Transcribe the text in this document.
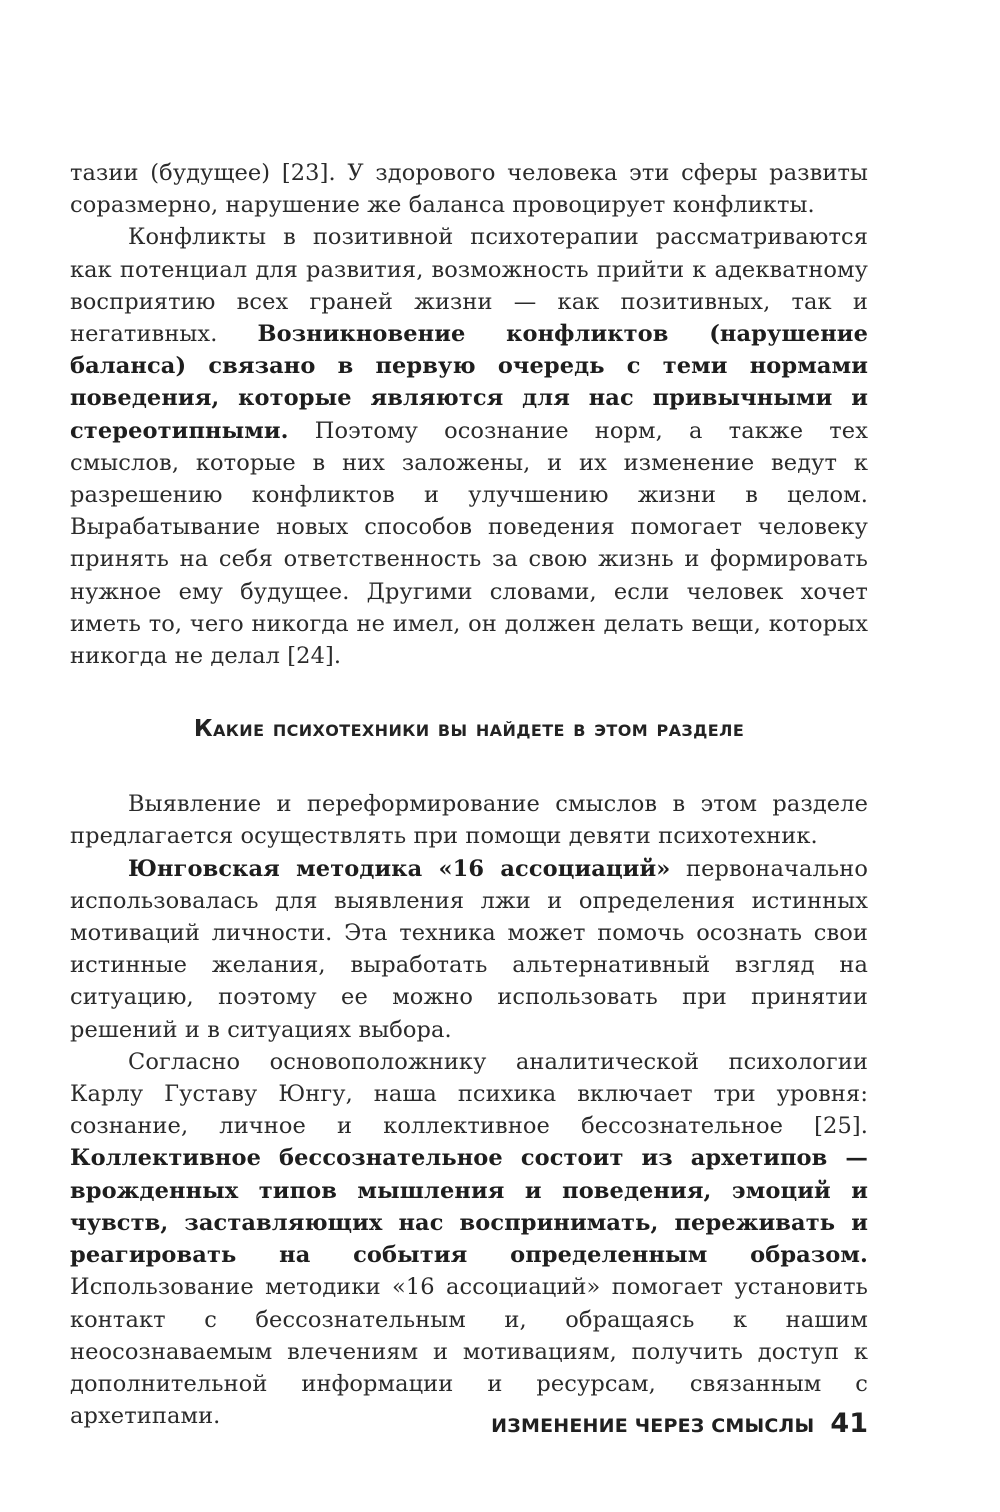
тазии (будущее) [23]. У здорового человека эти сферы развиты соразмерно, нарушение же баланса провоцирует конфликты.

Конфликты в позитивной психотерапии рассматриваются как потенциал для развития, возможность прийти к адекватному восприятию всех граней жизни — как позитивных, так и негативных. Возникновение конфликтов (нарушение баланса) связано в первую очередь с теми нормами поведения, которые являются для нас привычными и стереотипными. Поэтому осознание норм, а также тех смыслов, которые в них заложены, и их изменение ведут к разрешению конфликтов и улучшению жизни в целом. Вырабатывание новых способов поведения помогает человеку принять на себя ответственность за свою жизнь и формировать нужное ему будущее. Другими словами, если человек хочет иметь то, чего никогда не имел, он должен делать вещи, которых никогда не делал [24].

Какие психотехники вы найдете в этом разделе

Выявление и переформирование смыслов в этом разделе предлагается осуществлять при помощи девяти психотехник.

Юнговская методика «16 ассоциаций» первоначально использовалась для выявления лжи и определения истинных мотиваций личности. Эта техника может помочь осознать свои истинные желания, выработать альтернативный взгляд на ситуацию, поэтому ее можно использовать при принятии решений и в ситуациях выбора.

Согласно основоположнику аналитической психологии Карлу Густаву Юнгу, наша психика включает три уровня: сознание, личное и коллективное бессознательное [25]. Коллективное бессознательное состоит из архетипов — врожденных типов мышления и поведения, эмоций и чувств, заставляющих нас воспринимать, переживать и реагировать на события определенным образом. Использование методики «16 ассоциаций» помогает установить контакт с бессознательным и, обращаясь к нашим неосознаваемым влечениям и мотивациям, получить доступ к дополнительной информации и ресурсам, связанным с архетипами.	ИЗМЕНЕНИЕ ЧЕРЕЗ СМЫСЛЫ 41
